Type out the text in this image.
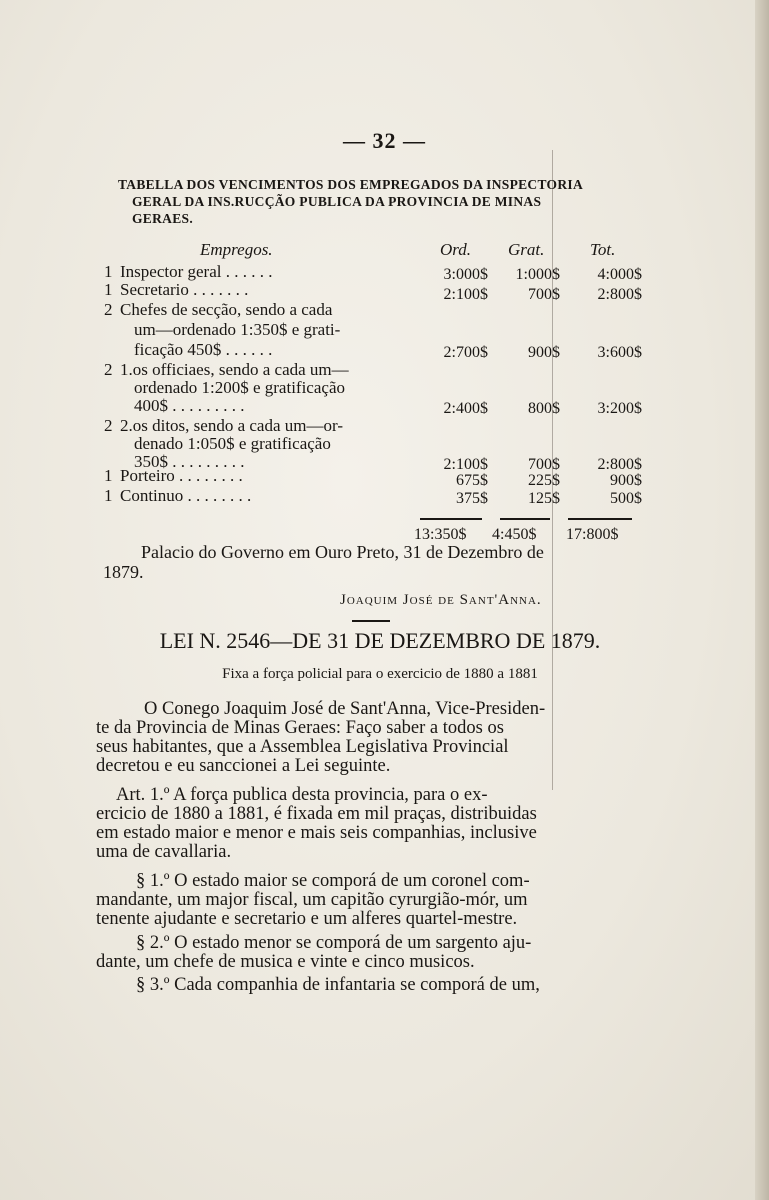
— 32 —
TABELLA DOS VENCIMENTOS DOS EMPREGADOS DA INSPECTORIA
GERAL DA INS.RUCÇÃO PUBLICA DA PROVINCIA DE MINAS
GERAES.
Empregos.	Ord. Grat.	Tot.
1 Inspector geral . . . . . .	3:000$	1:000$	4:000$
1 Secretario . . . . . . .	2:100$	700$	2:800$
2 Chefes de secção, sendo a cada
um—ordenado 1:350$ e grati-
ficação 450$ . . . . . .	2:700$	900$	3:600$
2 1.os officiaes, sendo a cada um—
ordenado 1:200$ e gratificação
400$ . . . . . . . . .	2:400$	800$	3:200$
2 2.os ditos, sendo a cada um—or-
denado 1:050$ e gratificação
350$ . . . . . . . . .	2:100$	700$	2:800$
1 Porteiro . . . . . . . .	675$	225$	900$
1 Continuo . . . . . . . .	375$	125$	500$
13:350$ 4:450$ 17:800$
Palacio do Governo em Ouro Preto, 31 de Dezembro de
1879.
Joaquim José de Sant'Anna.
LEI N. 2546—DE 31 DE DEZEMBRO DE 1879.
Fixa a força policial para o exercicio de 1880 a 1881
O Conego Joaquim José de Sant'Anna, Vice-Presiden-
te da Provincia de Minas Geraes: Faço saber a todos os
seus habitantes, que a Assemblea Legislativa Provincial
decretou e eu sanccionei a Lei seguinte.
Art. 1.º A força publica desta provincia, para o ex-
ercicio de 1880 a 1881, é fixada em mil praças, distribuidas
em estado maior e menor e mais seis companhias, inclusive
uma de cavallaria.
§ 1.º O estado maior se comporá de um coronel com-
mandante, um major fiscal, um capitão cyrurgião-mór, um
tenente ajudante e secretario e um alferes quartel-mestre.
§ 2.º O estado menor se comporá de um sargento aju-
dante, um chefe de musica e vinte e cinco musicos.
§ 3.º Cada companhia de infantaria se comporá de um,
